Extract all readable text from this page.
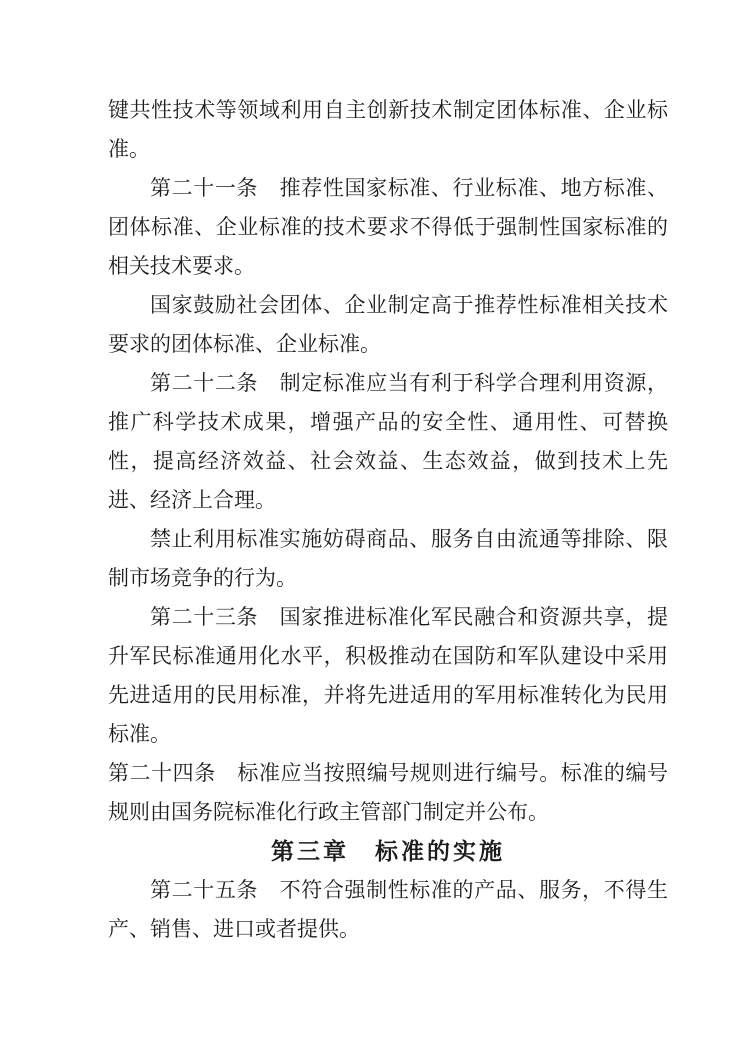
键共性技术等领域利用自主创新技术制定团体标准、企业标准。

第二十一条　推荐性国家标准、行业标准、地方标准、团体标准、企业标准的技术要求不得低于强制性国家标准的相关技术要求。

国家鼓励社会团体、企业制定高于推荐性标准相关技术要求的团体标准、企业标准。

第二十二条　制定标准应当有利于科学合理利用资源，推广科学技术成果，增强产品的安全性、通用性、可替换性，提高经济效益、社会效益、生态效益，做到技术上先进、经济上合理。

禁止利用标准实施妨碍商品、服务自由流通等排除、限制市场竞争的行为。

第二十三条　国家推进标准化军民融合和资源共享，提升军民标准通用化水平，积极推动在国防和军队建设中采用先进适用的民用标准，并将先进适用的军用标准转化为民用标准。

第二十四条　标准应当按照编号规则进行编号。标准的编号规则由国务院标准化行政主管部门制定并公布。

第三章　标准的实施

第二十五条　不符合强制性标准的产品、服务，不得生产、销售、进口或者提供。
